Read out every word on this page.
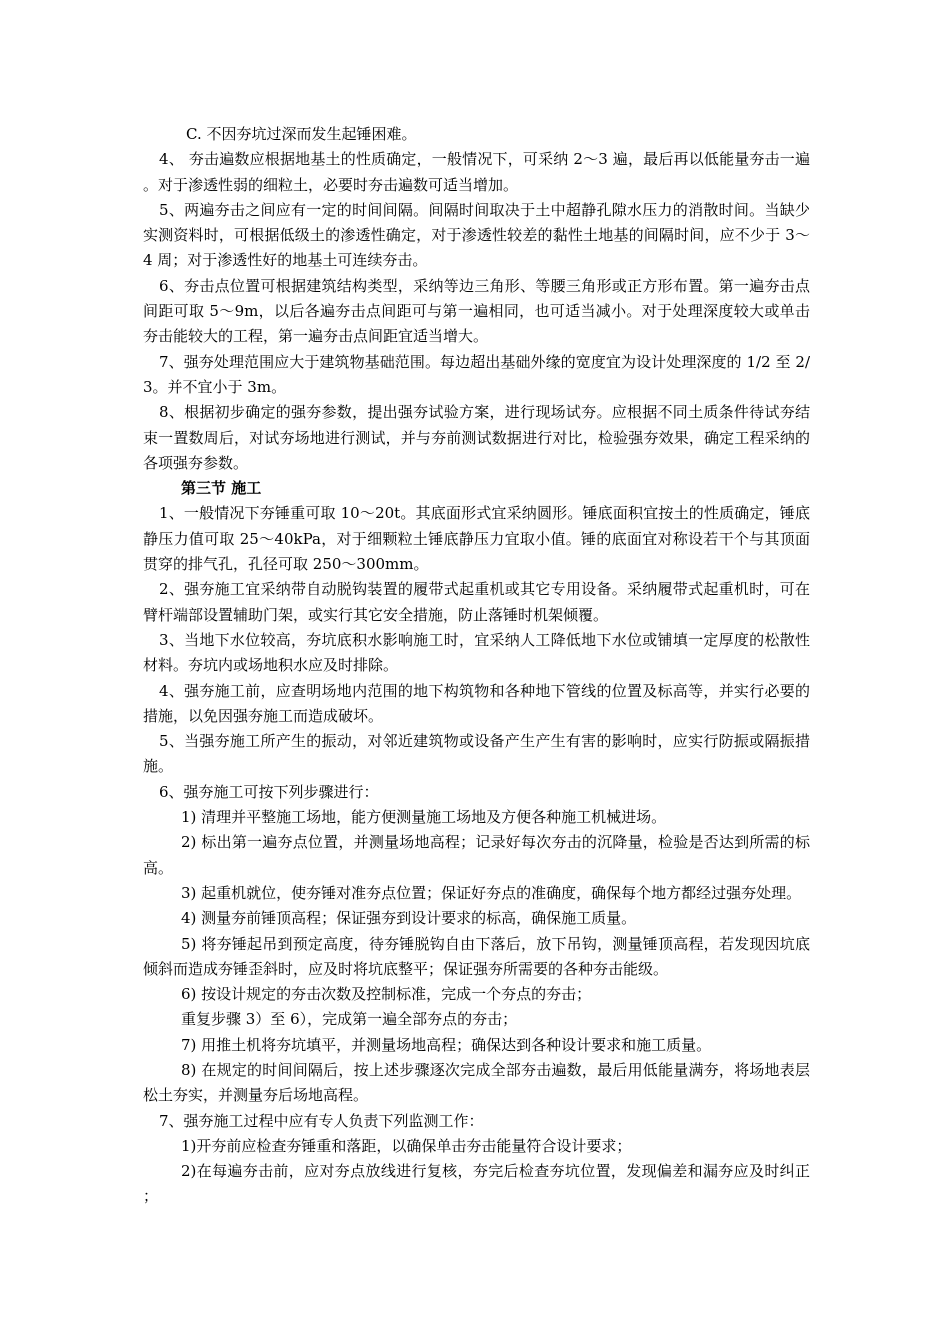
C. 不因夯坑过深而发生起锤困难。

4、 夯击遍数应根据地基土的性质确定，一般情况下，可采纳 2～3 遍，最后再以低能量夯击一遍。对于渗透性弱的细粒土，必要时夯击遍数可适当增加。

5、两遍夯击之间应有一定的时间间隔。间隔时间取决于土中超静孔隙水压力的消散时间。当缺少实测资料时，可根据低级土的渗透性确定，对于渗透性较差的黏性土地基的间隔时间，应不少于 3～4 周；对于渗透性好的地基土可连续夯击。

6、夯击点位置可根据建筑结构类型，采纳等边三角形、等腰三角形或正方形布置。第一遍夯击点间距可取 5～9m，以后各遍夯击点间距可与第一遍相同，也可适当减小。对于处理深度较大或单击夯击能较大的工程，第一遍夯击点间距宜适当增大。

7、强夯处理范围应大于建筑物基础范围。每边超出基础外缘的宽度宜为设计处理深度的 1/2 至 2/3。并不宜小于 3m。

8、根据初步确定的强夯参数，提出强夯试验方案，进行现场试夯。应根据不同土质条件待试夯结束一置数周后，对试夯场地进行测试，并与夯前测试数据进行对比，检验强夯效果，确定工程采纳的各项强夯参数。

第三节 施工

1、一般情况下夯锤重可取 10～20t。其底面形式宜采纳圆形。锤底面积宜按土的性质确定，锤底静压力值可取 25～40kPa，对于细颗粒土锤底静压力宜取小值。锤的底面宜对称设若干个与其顶面贯穿的排气孔，孔径可取 250～300mm。

2、强夯施工宜采纳带自动脱钩装置的履带式起重机或其它专用设备。采纳履带式起重机时，可在臂杆端部设置辅助门架，或实行其它安全措施，防止落锤时机架倾覆。

3、当地下水位较高，夯坑底积水影响施工时，宜采纳人工降低地下水位或铺填一定厚度的松散性材料。夯坑内或场地积水应及时排除。

4、强夯施工前，应查明场地内范围的地下构筑物和各种地下管线的位置及标高等，并实行必要的措施，以免因强夯施工而造成破坏。

5、当强夯施工所产生的振动，对邻近建筑物或设备产生产生有害的影响时，应实行防振或隔振措施。

6、强夯施工可按下列步骤进行：

1) 清理并平整施工场地，能方便测量施工场地及方便各种施工机械进场。

2) 标出第一遍夯点位置，并测量场地高程；记录好每次夯击的沉降量，检验是否达到所需的标高。

3) 起重机就位，使夯锤对准夯点位置；保证好夯点的准确度，确保每个地方都经过强夯处理。

4) 测量夯前锤顶高程；保证强夯到设计要求的标高，确保施工质量。

5) 将夯锤起吊到预定高度，待夯锤脱钩自由下落后，放下吊钩，测量锤顶高程，若发现因坑底倾斜而造成夯锤歪斜时，应及时将坑底整平；保证强夯所需要的各种夯击能级。

6) 按设计规定的夯击次数及控制标准，完成一个夯点的夯击；

重复步骤 3）至 6），完成第一遍全部夯点的夯击；

7) 用推土机将夯坑填平，并测量场地高程；确保达到各种设计要求和施工质量。

8) 在规定的时间间隔后，按上述步骤逐次完成全部夯击遍数，最后用低能量满夯，将场地表层松土夯实，并测量夯后场地高程。

7、强夯施工过程中应有专人负责下列监测工作：

1)开夯前应检查夯锤重和落距，以确保单击夯击能量符合设计要求；

2)在每遍夯击前，应对夯点放线进行复核，夯完后检查夯坑位置，发现偏差和漏夯应及时纠正；
